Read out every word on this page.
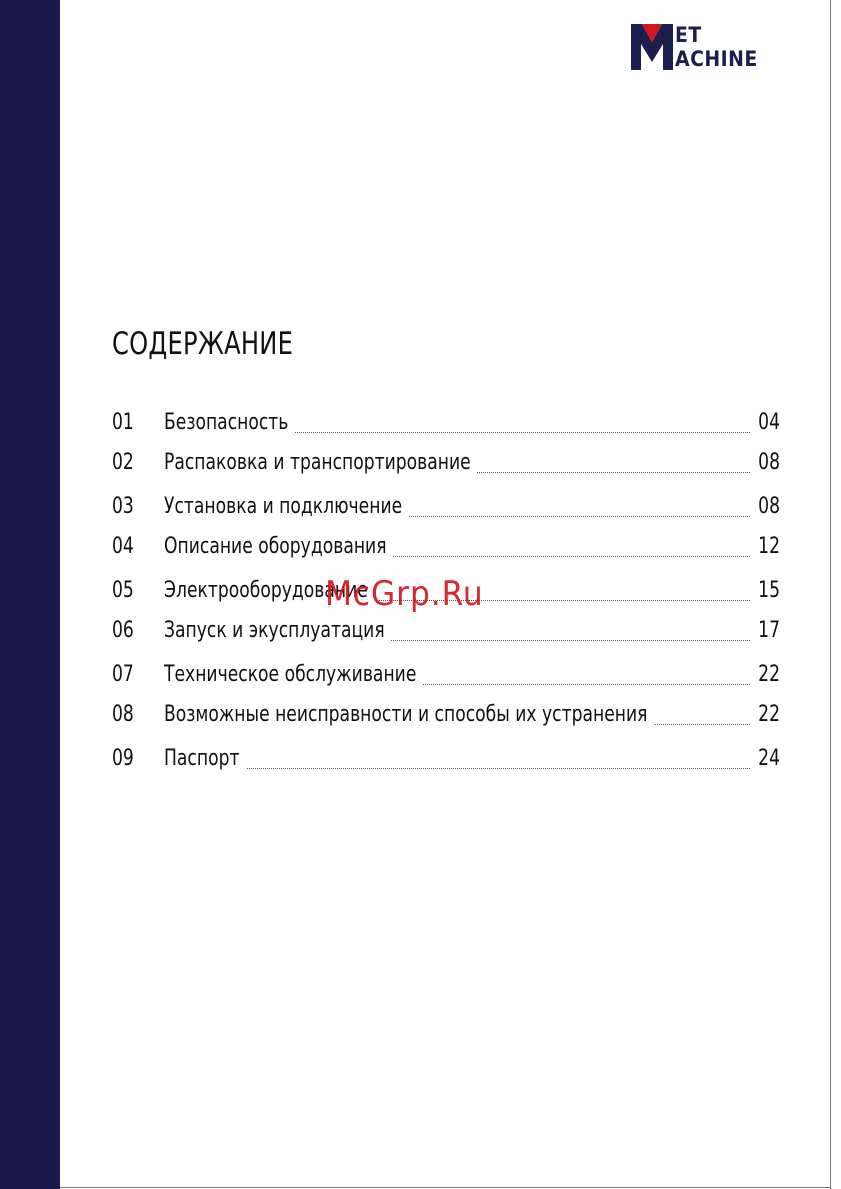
ET
ACHINE
СОДЕРЖАНИЕ
01 Безопасность	04
02 Распаковка и транспортирование	08
03 Установка и подключение	08
04 Описание оборудования	12
05 Электрооборудование	15
06 Запуск и экусплуатация	17
07 Техническое обслуживание	22
08 Возможные неисправности и способы их устранения	22
09 Паспорт	24
McGrp.Ru
